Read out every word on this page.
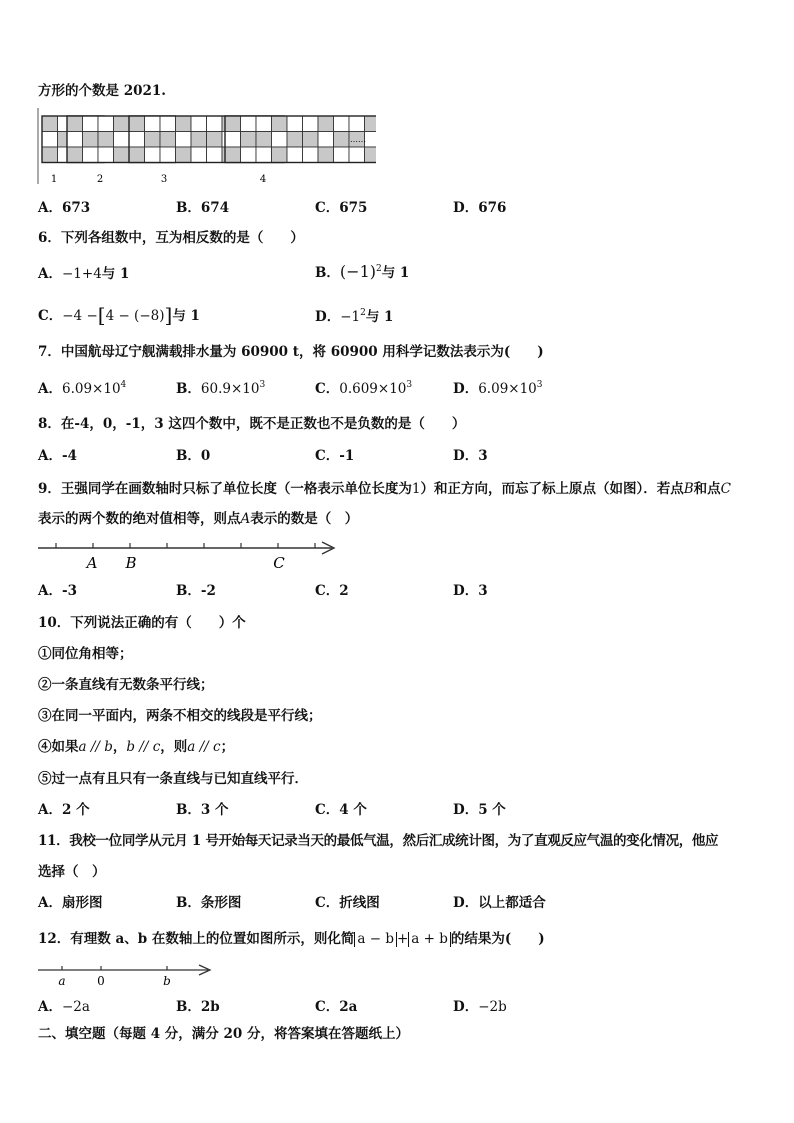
方形的个数是 2021.
1	2	3	4
……
A．673	B．674	C．675	D．676
6．下列各组数中，互为相反数的是（　　）
A．−1+4与 1	B．$(-1)^2$与 1
C．−4 −[4 − (−8)]与 1	D．$-1^2$与 1
7．中国航母辽宁舰满载排水量为 60900 t，将 60900 用科学记数法表示为(　　)
A．$6.09\times 10^4$	B．$60.9\times 10^3$	C．$0.609\times 10^3$	D．$6.09\times 10^3$
8．在-4，0，-1，3 这四个数中，既不是正数也不是负数的是（　　）
A．-4	B．0	C．-1	D．3
9．王强同学在画数轴时只标了单位长度（一格表示单位长度为1）和正方向，而忘了标上原点（如图）．若点B和点C
表示的两个数的绝对值相等，则点A表示的数是（　）
A B	C
A．-3	B．-2	C．2	D．3
10．下列说法正确的有（　　）个
①同位角相等；
②一条直线有无数条平行线；
③在同一平面内，两条不相交的线段是平行线；
④如果a // b，b // c，则a // c；
⑤过一点有且只有一条直线与已知直线平行．
A．2 个	B．3 个	C．4 个	D．5 个
11．我校一位同学从元月 1 号开始每天记录当天的最低气温，然后汇成统计图，为了直观反应气温的变化情况，他应
选择（　）
A．扇形图	B．条形图	C．折线图	D．以上都适合
12．有理数 a、b 在数轴上的位置如图所示，则化简 a − b + a + b 的结果为(　　)
a	0	b
A．−2a	B．2b	C．2a	D．−2b
二、填空题（每题 4 分，满分 20 分，将答案填在答题纸上）
